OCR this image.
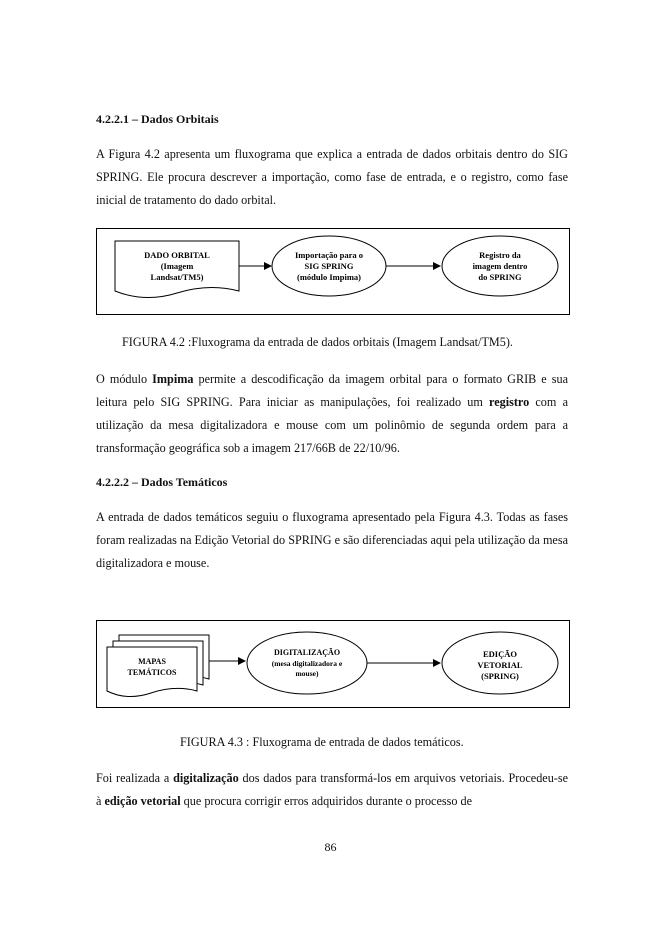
4.2.2.1 – Dados Orbitais
A Figura 4.2 apresenta um fluxograma que explica a entrada de dados orbitais dentro do SIG SPRING. Ele procura descrever a importação, como fase de entrada, e o registro, como fase inicial de tratamento do dado orbital.
DADO ORBITAL
(Imagem
Landsat/TM5)
Importação para o
SIG SPRING
(módulo Impima)
Registro da
imagem dentro
do SPRING
FIGURA 4.2 :Fluxograma da entrada de dados orbitais (Imagem Landsat/TM5).
O módulo Impima permite a descodificação da imagem orbital para o formato GRIB e sua leitura pelo SIG SPRING. Para iniciar as manipulações, foi realizado um registro com a utilização da mesa digitalizadora e mouse com um polinômio de segunda ordem para a transformação geográfica sob a imagem 217/66B de 22/10/96.
4.2.2.2 – Dados Temáticos
A entrada de dados temáticos seguiu o fluxograma apresentado pela Figura 4.3. Todas as fases foram realizadas na Edição Vetorial do SPRING e são diferenciadas aqui pela utilização da mesa digitalizadora e mouse.
MAPAS
TEMÁTICOS
DIGITALIZAÇÃO
(mesa digitalizadora e
mouse)
EDIÇÃO
VETORIAL
(SPRING)
FIGURA 4.3 : Fluxograma de entrada de dados temáticos.
Foi realizada a digitalização dos dados para transformá-los em arquivos vetoriais. Procedeu-se à edição vetorial que procura corrigir erros adquiridos durante o processo de
86
